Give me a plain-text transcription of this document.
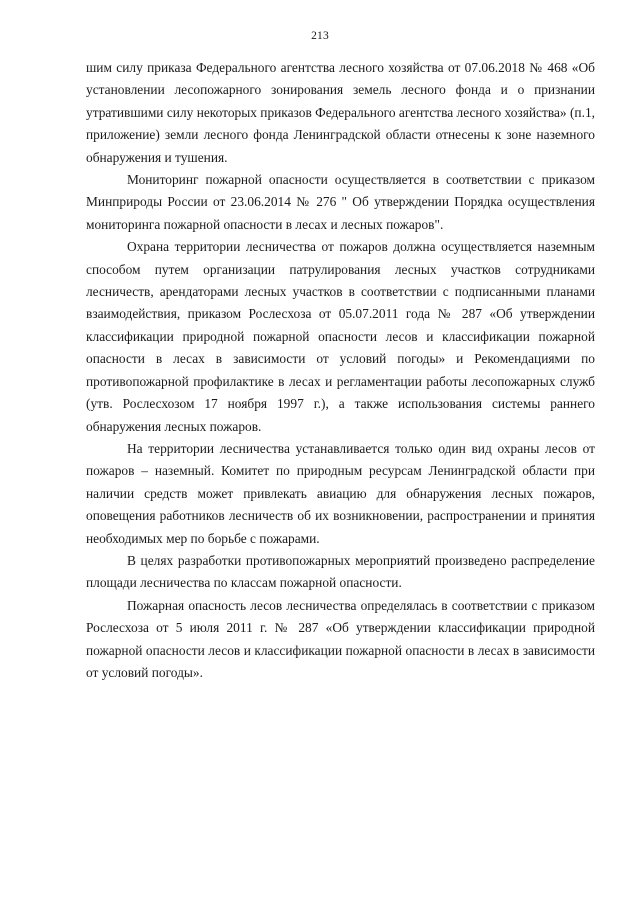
213

шим силу приказа Федерального агентства лесного хозяйства от 07.06.2018 № 468 «Об установлении лесопожарного зонирования земель лесного фонда и о признании утратившими силу некоторых приказов Федерального агентства лесного хозяйства» (п.1, приложение) земли лесного фонда Ленинградской области отнесены к зоне наземного обнаружения и тушения.

Мониторинг пожарной опасности осуществляется в соответствии с приказом Минприроды России от 23.06.2014 № 276 " Об утверждении Порядка осуществления мониторинга пожарной опасности в лесах и лесных пожаров".

Охрана территории лесничества от пожаров должна осуществляется наземным способом путем организации патрулирования лесных участков сотрудниками лесничеств, арендаторами лесных участков в соответствии с подписанными планами взаимодействия, приказом Рослесхоза от 05.07.2011 года № 287 «Об утверждении классификации природной пожарной опасности лесов и классификации пожарной опасности в лесах в зависимости от условий погоды» и Рекомендациями по противопожарной профилактике в лесах и регламентации работы лесопожарных служб (утв. Рослесхозом 17 ноября 1997 г.), а также использования системы раннего обнаружения лесных пожаров.

На территории лесничества устанавливается только один вид охраны лесов от пожаров – наземный. Комитет по природным ресурсам Ленинградской области при наличии средств может привлекать авиацию для обнаружения лесных пожаров, оповещения работников лесничеств об их возникновении, распространении и принятия необходимых мер по борьбе с пожарами.

В целях разработки противопожарных мероприятий произведено распределение площади лесничества по классам пожарной опасности.

Пожарная опасность лесов лесничества определялась в соответствии с приказом Рослесхоза от 5 июля 2011 г. № 287 «Об утверждении классификации природной пожарной опасности лесов и классификации пожарной опасности в лесах в зависимости от условий погоды».
